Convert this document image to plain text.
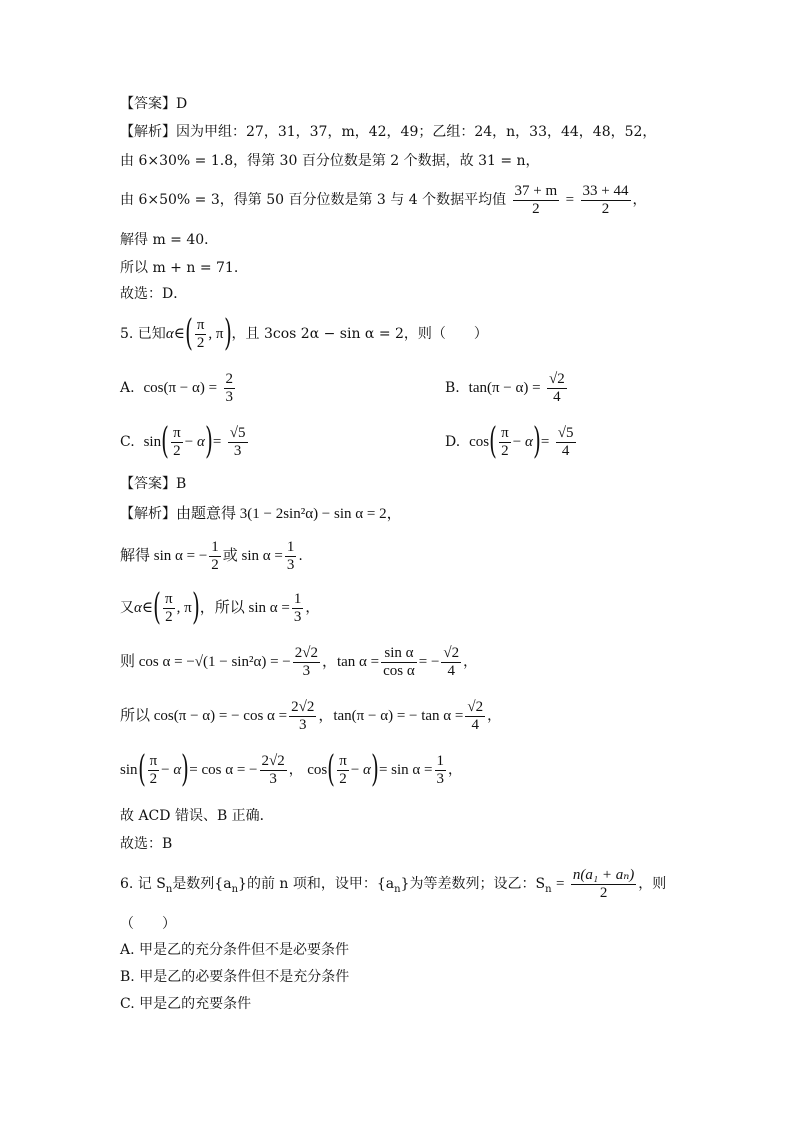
【答案】D
【解析】因为甲组：27，31，37，m，42，49；乙组：24，n，33，44，48，52，
由 6×30% = 1.8，得第 30 百分位数是第 2 个数据，故 31 = n，
由 6×50% = 3，得第 50 百分位数是第 3 与 4 个数据平均值 $\frac{37 + m}{2} = \frac{33 + 44}{2}$ ，
解得 m = 40．
所以 m + n = 71.
故选：D．
5. 已知α∈( $\frac{\pi}{2}$ , π)，且 3cos 2α − sin α = 2，则（　　）
A. $\cos(\pi - \alpha) = \frac{2}{3}$	B. $\tan(\pi - \alpha) = \frac{√2}{4}$
C. $\sin( \frac{\pi}{2} - \alpha)= \frac{√5}{3}$	D. $\cos( \frac{\pi}{2} - \alpha)= \frac{√5}{4}$
【答案】B
【解析】由题意得 3(1 − 2sin²α) − sin α = 2，
解得 sin α = − $\frac{1}{2}$ 或 $\sin \alpha = \frac{1}{3}$ .
又α∈( $\frac{\pi}{2}$ , π)，所以 $\sin \alpha = \frac{1}{3}$ ，
则 cos α = −√(1 − sin²α) = − $\frac{2√2}{3}$ ，$\tan \alpha = \frac{\text{sin α}}{\text{cos α}}$ = − $\frac{√2}{4}$ ，
所以 cos(π − α) = − $\cos \alpha = \frac{2√2}{3}$ ，tan(π − α) = − $\tan \alpha = \frac{√2}{4}$ ，
$\sin( \frac{\pi}{2} - \alpha)= \cos \alpha$ = − $\frac{2√2}{3}$ ， $\cos( \frac{\pi}{2} - \alpha)= \sin \alpha = \frac{1}{3}$ ，
故 ACD 错误、B 正确．
故选：B
6. 记 $S_n$是数列$\{a_n\}$的前 n 项和，设甲：$\{a_n\}$为等差数列；设乙：$S_n = \frac{\text{n(a₁ + aₙ)}}{2}$ ，则
（　　）
A. 甲是乙的充分条件但不是必要条件
B. 甲是乙的必要条件但不是充分条件
C. 甲是乙的充要条件
